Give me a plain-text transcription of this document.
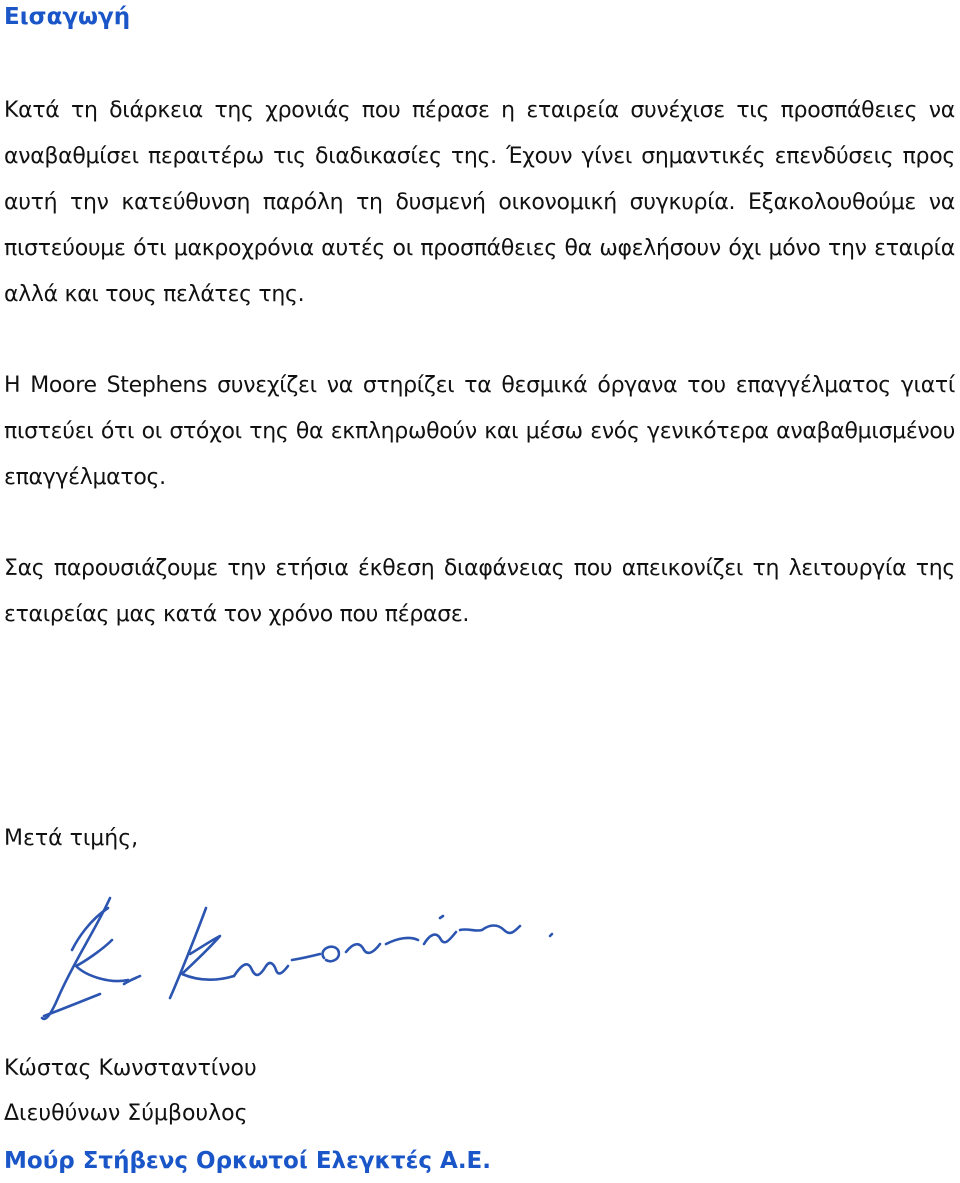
Εισαγωγή

Κατά τη διάρκεια της χρονιάς που πέρασε η εταιρεία συνέχισε τις προσπάθειες να αναβαθμίσει περαιτέρω τις διαδικασίες της. Έχουν γίνει σημαντικές επενδύσεις προς αυτή την κατεύθυνση παρόλη τη δυσμενή οικονομική συγκυρία. Εξακολουθούμε να πιστεύουμε ότι μακροχρόνια αυτές οι προσπάθειες θα ωφελήσουν όχι μόνο την εταιρία αλλά και τους πελάτες της.

Η Moore Stephens συνεχίζει να στηρίζει τα θεσμικά όργανα του επαγγέλματος γιατί πιστεύει ότι οι στόχοι της θα εκπληρωθούν και μέσω ενός γενικότερα αναβαθμισμένου επαγγέλματος.

Σας παρουσιάζουμε την ετήσια έκθεση διαφάνειας που απεικονίζει τη λειτουργία της εταιρείας μας κατά τον χρόνο που πέρασε.

Μετά τιμής,

Κώστας Κωνσταντίνου

Διευθύνων Σύμβουλος

Μούρ Στήβενς Ορκωτοί Ελεγκτές Α.Ε.
